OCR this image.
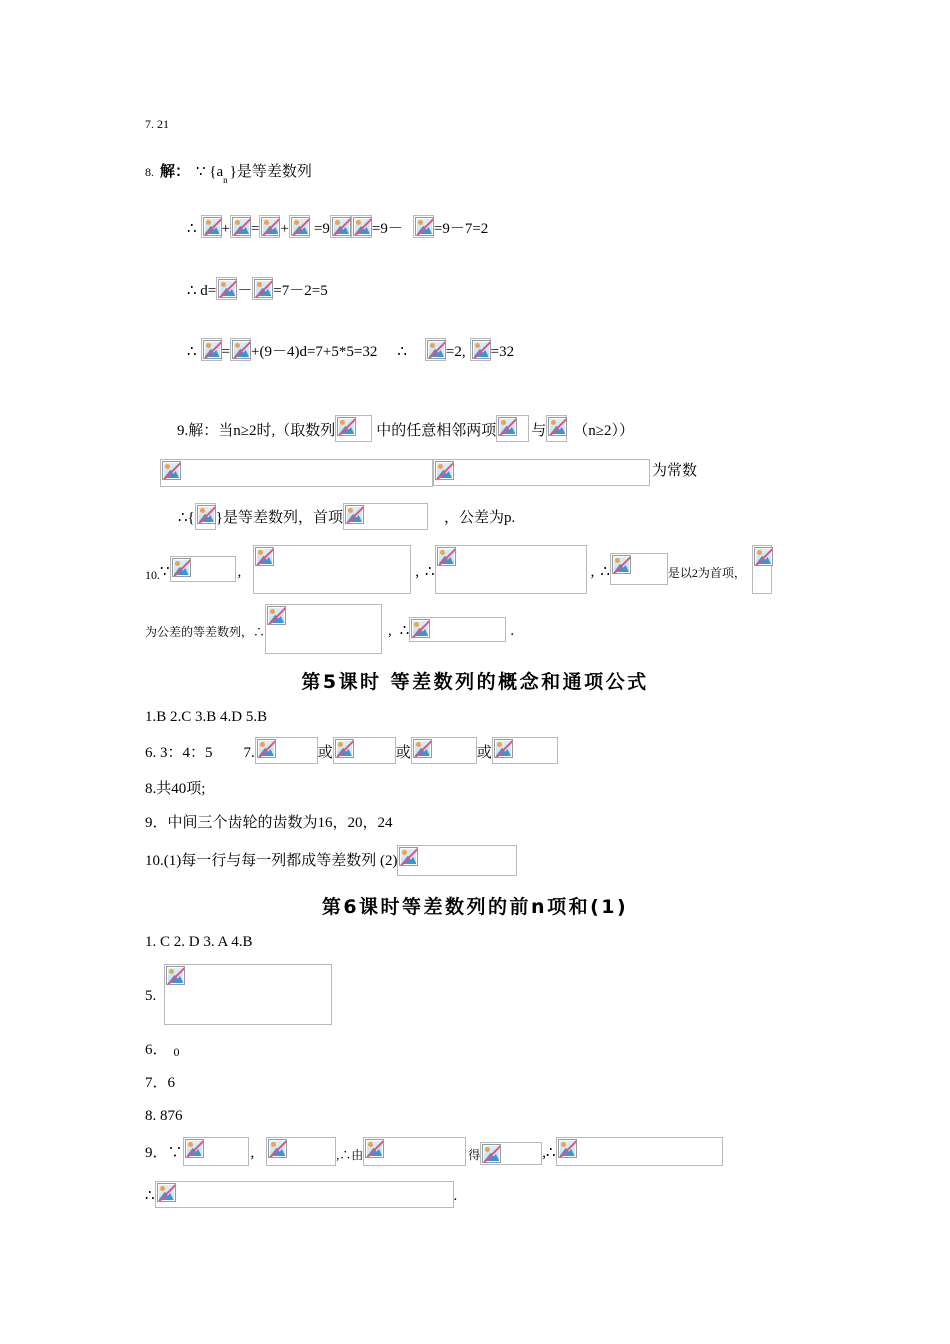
7. 21
8. 解： ∵ {a n }是等差数列
∴ + = + =9	=9－ =9－7=2
∴ d= － =7－2=5
∴ = +(9－4)d=7+5*5=32 ∴	=2, =32
9.解：当n≥2时,（取数列	中的任意相邻两项 与 （n≥2））
为常数
∴{ }是等差数列，首项	，公差为p.
10. ∵	,	, ∴	, ∴	是以2为首项，
为公差的等差数列，∴	, ∴	.
第5课时 等差数列的概念和通项公式
1.B 2.C 3.B 4.D 5.B
6. 3：4：5 7.	或	或	或
8.共40项;
9．中间三个齿轮的齿数为16，20，24
10.(1)每一行与每一列都成等差数列 (2)
第6课时等差数列的前n项和(1)
1. C 2. D 3. A 4.B
5.
6． 0
7．6
8. 876
9．∵	,	,∴由	得	,∴
∴	.
